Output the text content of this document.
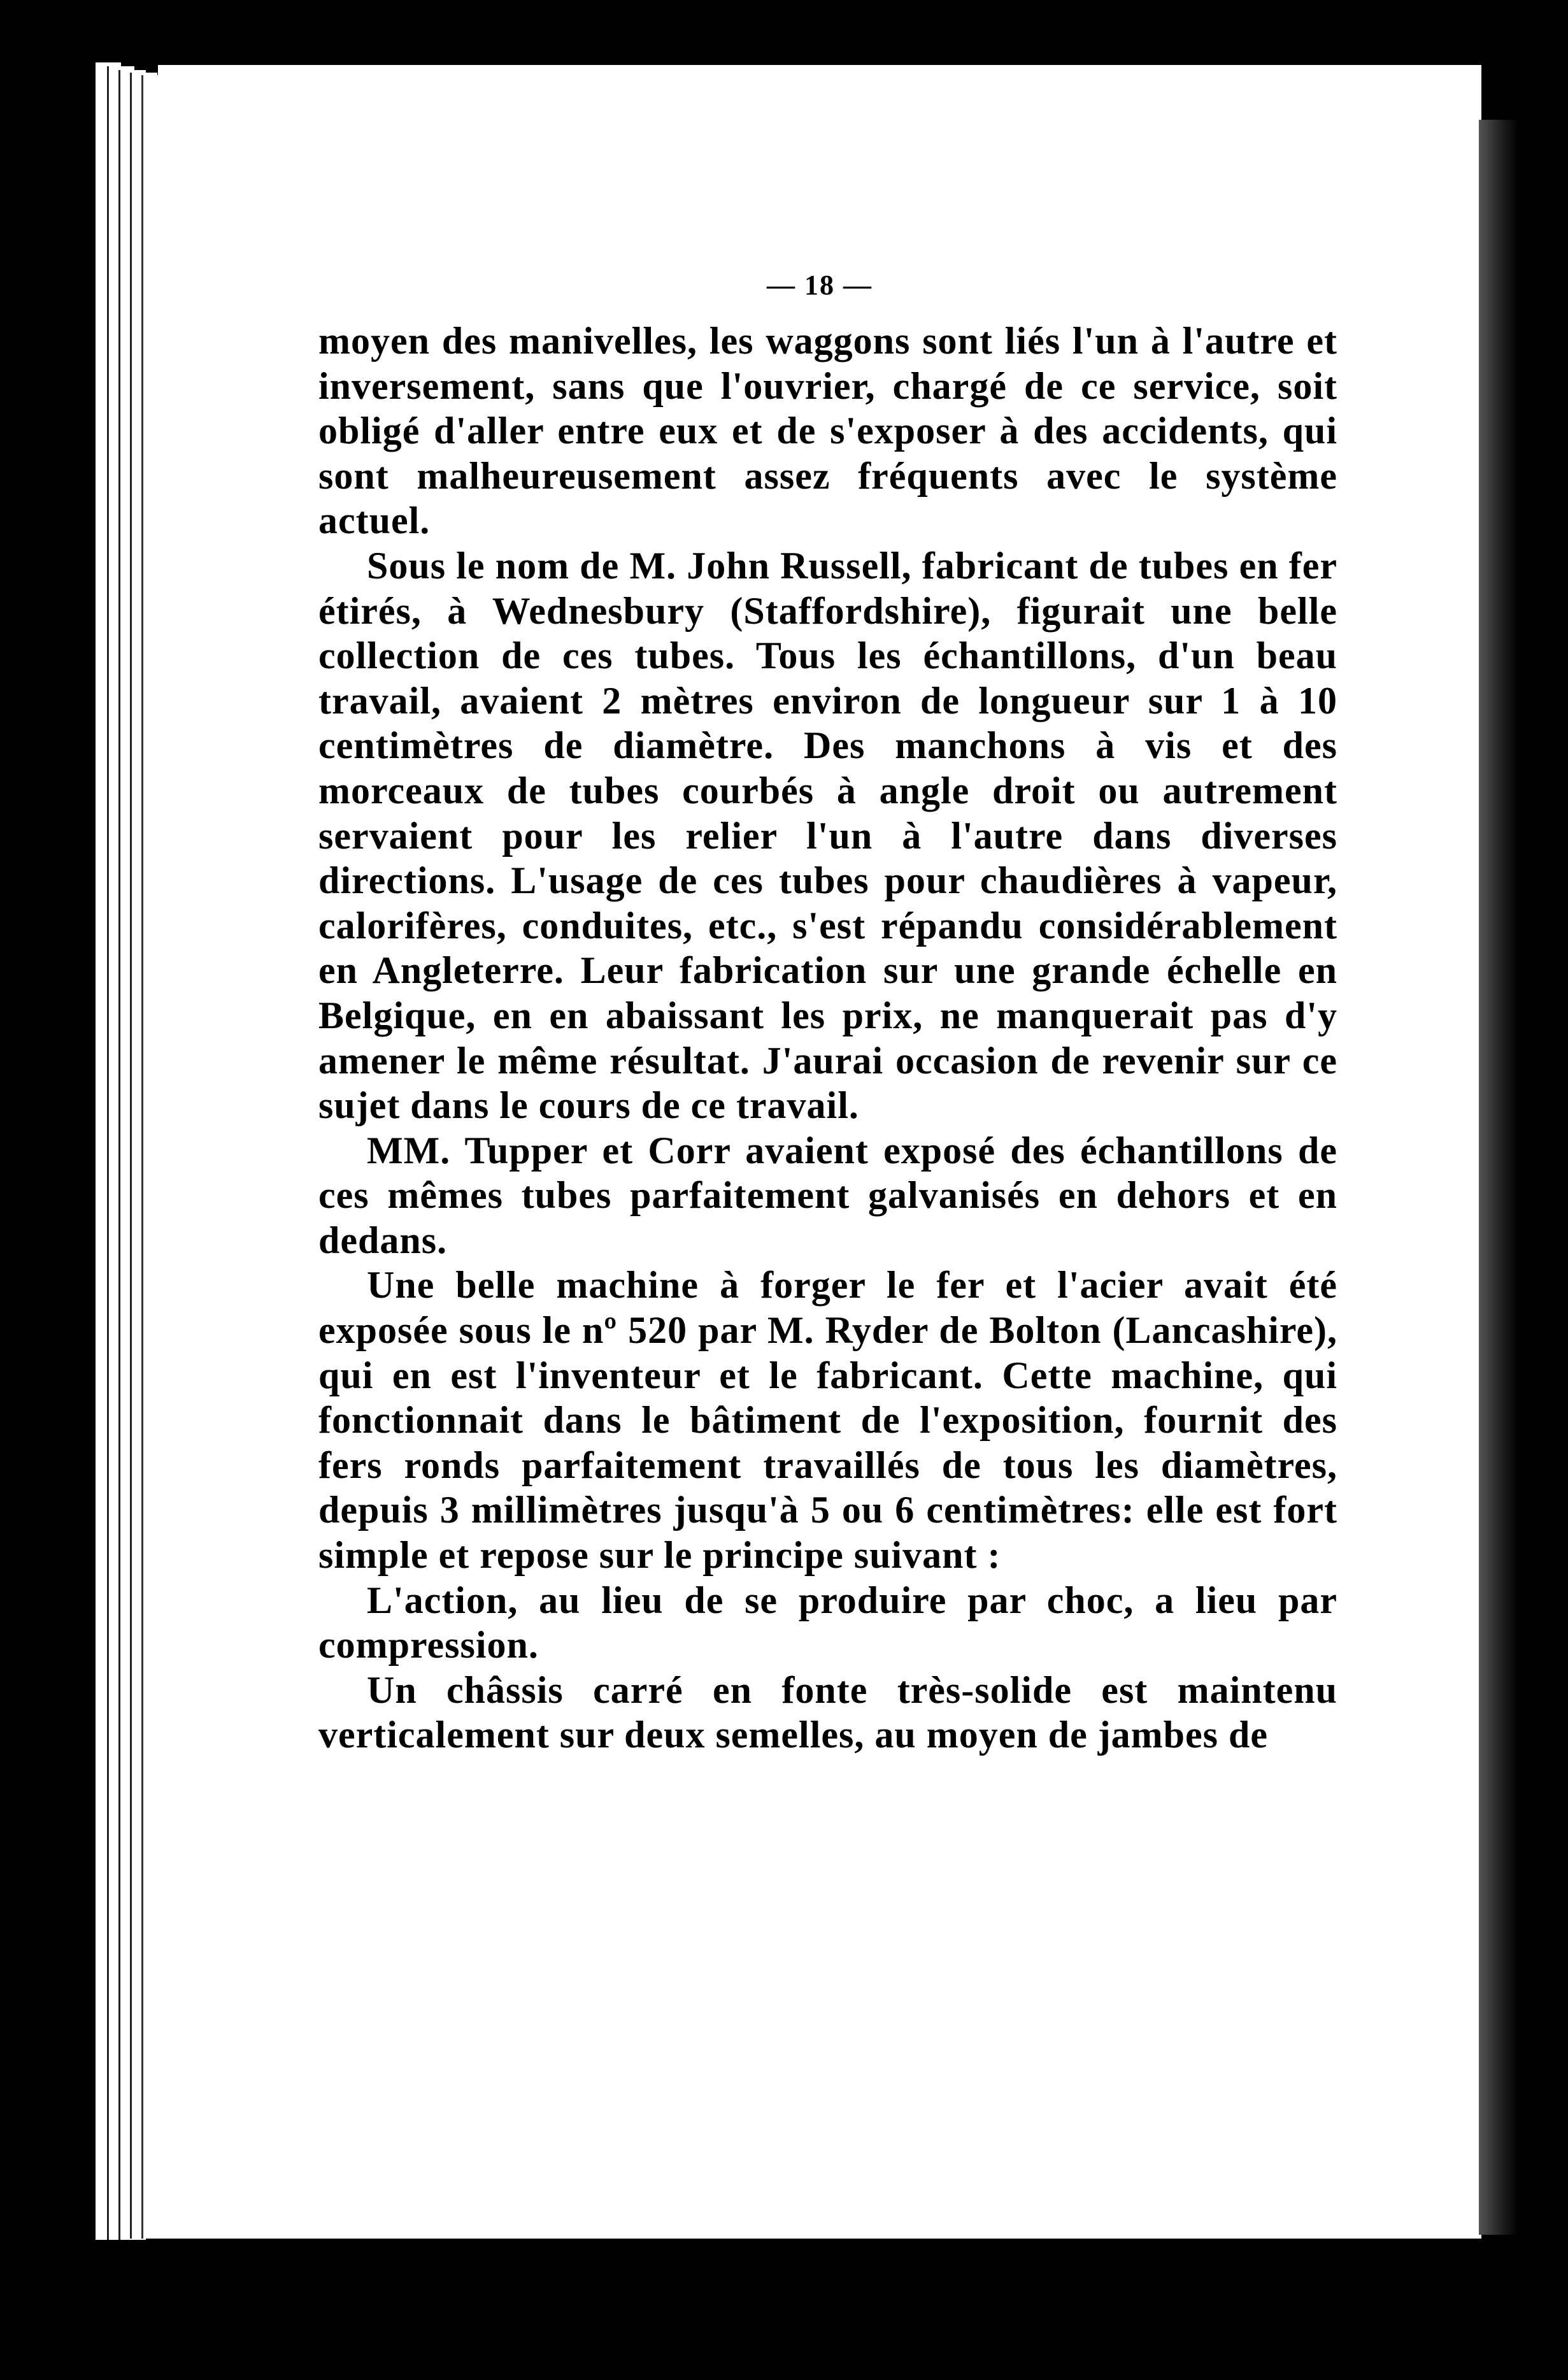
— 18 —

moyen des manivelles, les waggons sont liés l'un à l'autre et inversement, sans que l'ouvrier, chargé de ce service, soit obligé d'aller entre eux et de s'exposer à des accidents, qui sont malheureusement assez fréquents avec le système actuel.

Sous le nom de M. John Russell, fabricant de tubes en fer étirés, à Wednesbury (Staffordshire), figurait une belle collection de ces tubes. Tous les échantillons, d'un beau travail, avaient 2 mètres environ de longueur sur 1 à 10 centimètres de diamètre. Des manchons à vis et des morceaux de tubes courbés à angle droit ou autrement servaient pour les relier l'un à l'autre dans diverses directions. L'usage de ces tubes pour chaudières à vapeur, calorifères, conduites, etc., s'est répandu considérablement en Angleterre. Leur fabrication sur une grande échelle en Belgique, en en abaissant les prix, ne manquerait pas d'y amener le même résultat. J'aurai occasion de revenir sur ce sujet dans le cours de ce travail.

MM. Tupper et Corr avaient exposé des échantillons de ces mêmes tubes parfaitement galvanisés en dehors et en dedans.

Une belle machine à forger le fer et l'acier avait été exposée sous le nº 520 par M. Ryder de Bolton (Lancashire), qui en est l'inventeur et le fabricant. Cette machine, qui fonctionnait dans le bâtiment de l'exposition, fournit des fers ronds parfaitement travaillés de tous les diamètres, depuis 3 millimètres jusqu'à 5 ou 6 centimètres: elle est fort simple et repose sur le principe suivant :

L'action, au lieu de se produire par choc, a lieu par compression.

Un châssis carré en fonte très-solide est maintenu verticalement sur deux semelles, au moyen de jambes de
